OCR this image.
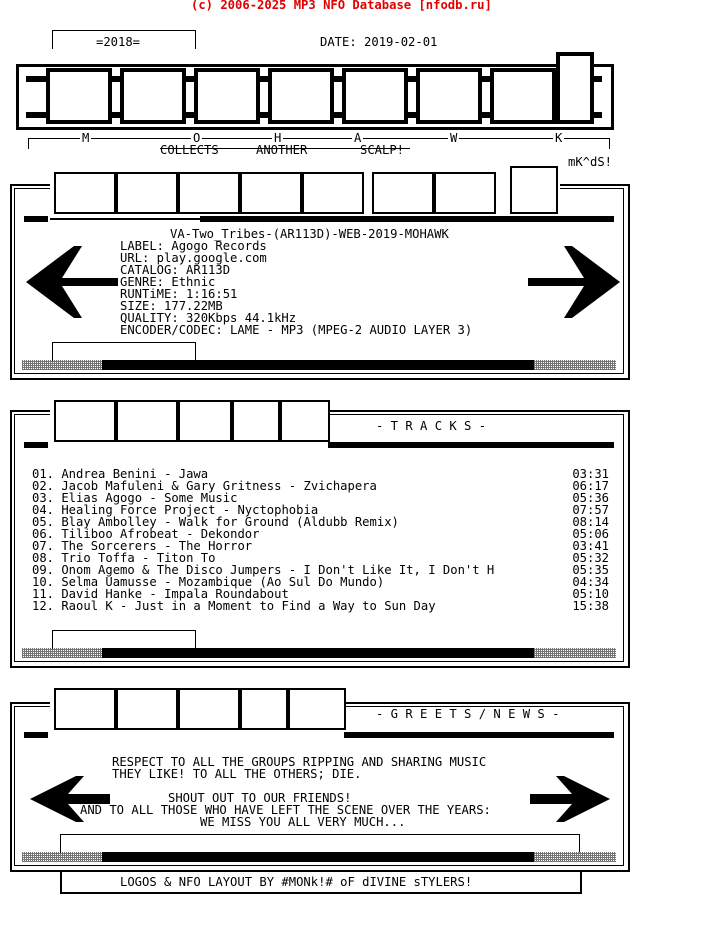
(c) 2006-2025 MP3 NFO Database [nfodb.ru]
=2018=	DATE: 2019-02-01
M	O	H	A	W	K
COLLECTS	ANOTHER	SCALP!
mK^dS!
VA-Two_Tribes-(AR113D)-WEB-2019-MOHAWK
LABEL: Agogo Records
URL: play.google.com
CATALOG: AR113D
GENRE: Ethnic
RUNTiME: 1:16:51
SIZE: 177.22MB
QUALITY: 320Kbps 44.1kHz
ENCODER/CODEC: LAME - MP3 (MPEG-2 AUDIO LAYER 3)
- T R A C K S -
01. Andrea Benini - Jawa	03:31
02. Jacob Mafuleni & Gary Gritness - Zvichapera	06:17
03. Elias Agogo - Some Music	05:36
04. Healing Force Project - Nyctophobia	07:57
05. Blay Ambolley - Walk for Ground (Aldubb Remix)	08:14
06. Tiliboo Afrobeat - Dekondor	05:06
07. The Sorcerers - The Horror	03:41
08. Trio Toffa - Titon To	05:32
09. Onom Agemo & The Disco Jumpers - I Don't Like It, I Don't H	05:35
10. Selma Uamusse - Mozambique (Ao Sul Do Mundo)	04:34
11. David Hanke - Impala Roundabout	05:10
12. Raoul K - Just in a Moment to Find a Way to Sun Day	15:38
- G R E E T S / N E W S -
RESPECT TO ALL THE GROUPS RIPPING AND SHARING MUSIC
THEY LIKE! TO ALL THE OTHERS; DIE.
SHOUT OUT TO OUR FRIENDS!
AND TO ALL THOSE WHO HAVE LEFT THE SCENE OVER THE YEARS:
WE MISS YOU ALL VERY MUCH...
LOGOS & NFO LAYOUT BY #MONk!# oF dIVINE sTYLERS!
